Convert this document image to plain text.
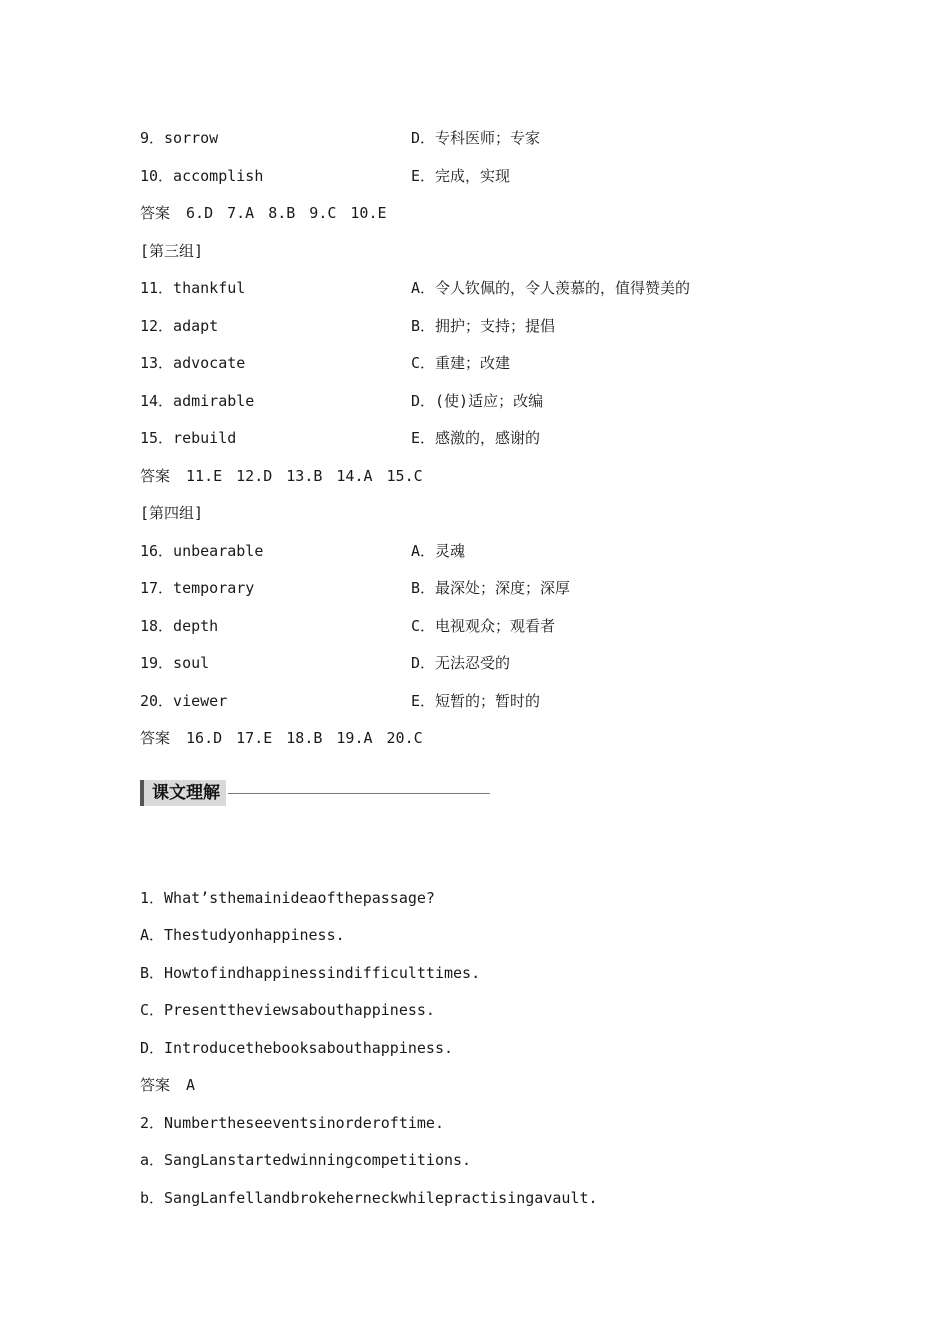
9．sorrow	D．专科医师；专家
10．accomplish	E．完成，实现
答案 6.D 7.A 8.B 9.C 10.E
[第三组]
11．thankful	A．令人钦佩的，令人羡慕的，值得赞美的
12．adapt	B．拥护；支持；提倡
13．advocate	C．重建；改建
14．admirable	D．(使)适应；改编
15．rebuild	E．感激的，感谢的
答案 11.E 12.D 13.B 14.A 15.C
[第四组]
16．unbearable	A．灵魂
17．temporary	B．最深处；深度；深厚
18．depth	C．电视观众；观看者
19．soul	D．无法忍受的
20．viewer	E．短暂的；暂时的
答案 16.D 17.E 18.B 19.A 20.C
课文理解
1．What’sthemainideaofthepassage?
A．Thestudyonhappiness.
B．Howtofindhappinessindifficulttimes.
C．Presenttheviewsabouthappiness.
D．Introducethebooksabouthappiness.
答案 A
2．Numbertheseeventsinorderoftime.
a．SangLanstartedwinningcompetitions.
b．SangLanfellandbrokeherneckwhilepractisingavault.
